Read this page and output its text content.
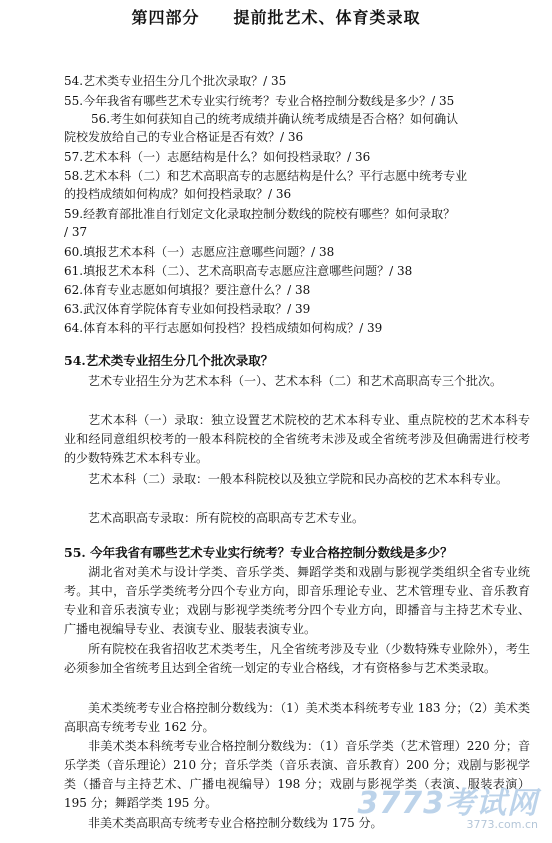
第四部分 提前批艺术、体育类录取
54.艺术类专业招生分几个批次录取？/ 35
55.今年我省有哪些艺术专业实行统考？专业合格控制分数线是多少？/ 35
56.考生如何获知自己的统考成绩并确认统考成绩是否合格？如何确认
院校发放给自己的专业合格证是否有效？/ 36
57.艺术本科（一）志愿结构是什么？如何投档录取？/ 36
58.艺术本科（二）和艺术高职高专的志愿结构是什么？平行志愿中统考专业
的投档成绩如何构成？如何投档录取？/ 36
59.经教育部批准自行划定文化录取控制分数线的院校有哪些？如何录取？
/ 37
60.填报艺术本科（一）志愿应注意哪些问题？/ 38
61.填报艺术本科（二）、艺术高职高专志愿应注意哪些问题？/ 38
62.体育专业志愿如何填报？要注意什么？/ 38
63.武汉体育学院体育专业如何投档录取？/ 39
64.体育本科的平行志愿如何投档？投档成绩如何构成？/ 39
54.艺术类专业招生分几个批次录取？
艺术专业招生分为艺术本科（一）、艺术本科（二）和艺术高职高专三个批次。
艺术本科（一）录取：独立设置艺术院校的艺术本科专业、重点院校的艺术本科专业和经同意组织校考的一般本科院校的全省统考未涉及或全省统考涉及但确需进行校考的少数特殊艺术本科专业。
艺术本科（二）录取：一般本科院校以及独立学院和民办高校的艺术本科专业。
艺术高职高专录取：所有院校的高职高专艺术专业。
55. 今年我省有哪些艺术专业实行统考？专业合格控制分数线是多少？
湖北省对美术与设计学类、音乐学类、舞蹈学类和戏剧与影视学类组织全省专业统考。其中，音乐学类统考分四个专业方向，即音乐理论专业、艺术管理专业、音乐教育专业和音乐表演专业；戏剧与影视学类统考分四个专业方向，即播音与主持艺术专业、广播电视编导专业、表演专业、服装表演专业。
所有院校在我省招收艺术类考生，凡全省统考涉及专业（少数特殊专业除外），考生必须参加全省统考且达到全省统一划定的专业合格线，才有资格参与艺术类录取。
美术类统考专业合格控制分数线为：（1）美术类本科统考专业 183 分；（2）美术类高职高专统考专业 162 分。
非美术类本科统考专业合格控制分数线为：（1）音乐学类（艺术管理）220 分；音乐学类（音乐理论）210 分；音乐学类（音乐表演、音乐教育）200 分；戏剧与影视学类（播音与主持艺术、广播电视编导）198 分；戏剧与影视学类（表演、服装表演）195 分；舞蹈学类 195 分。
非美术类高职高专统考专业合格控制分数线为 175 分。
3773考试网
3773.com.cn
